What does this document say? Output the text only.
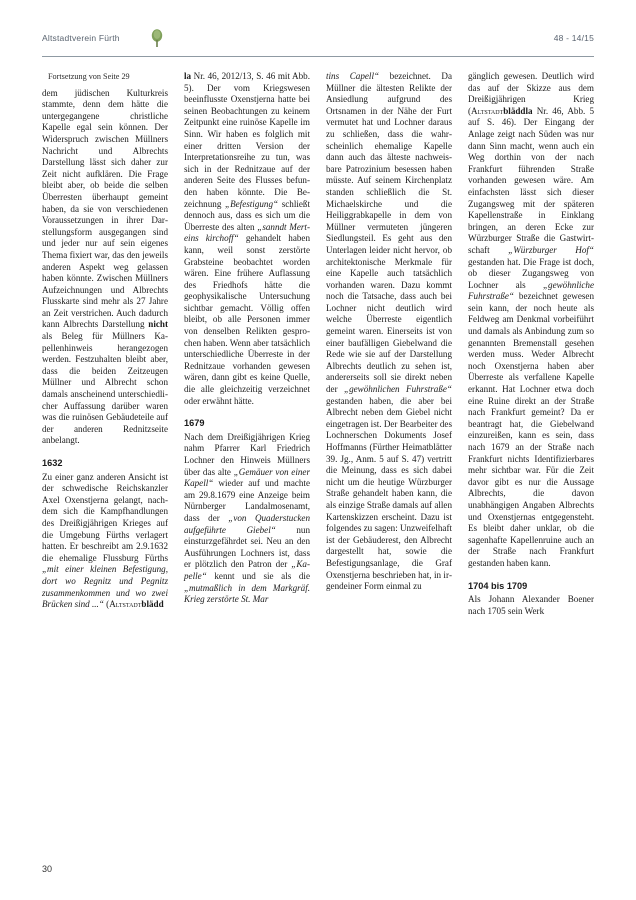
Altstadtverein Fürth	48 - 14/15
Fortsetzung von Seite 29

dem jüdischen Kulturkreis stammte, denn dem hätte die untergegangene christliche Kapelle egal sein können. Der Widerspruch zwischen Müllners Nachricht und Albrechts Darstellung lässt sich daher zur Zeit nicht aufklären. Die Frage bleibt aber, ob beide die selben Überresten überhaupt gemeint haben, da sie von verschiedenen Voraussetzungen in ihrer Darstellungsform ausgegangen sind und jeder nur auf sein eigenes Thema fixiert war, das den jeweils anderen Aspekt weg gelassen haben könnte. Zwischen Müllners Aufzeichnungen und Albrechts Flusskarte sind mehr als 27 Jahre an Zeit verstrichen. Auch dadurch kann Albrechts Darstellung nicht als Beleg für Müllners Kapellenhinweis herangezogen werden. Festzuhalten bleibt aber, dass die beiden Zeitzeugen Müllner und Albrecht schon damals anscheinend unterschiedlicher Auffassung darüber waren was die ruinösen Gebäudeteile auf der anderen Rednitzseite anbelangt.

1632

Zu einer ganz anderen Ansicht ist der schwedische Reichskanzler Axel Oxenstjerna gelangt, nachdem sich die Kampfhandlungen des Dreißigjährigen Krieges auf die Umgebung Fürths verlagert hatten. Er beschreibt am 2.9.1632 die ehemalige Flussburg Fürths „mit einer kleinen Befestigung, dort wo Regnitz und Pegnitz zusammenkommen und wo zwei Brücken sind ...“ (Altstadtblädd

la Nr. 46, 2012/13, S. 46 mit Abb. 5). Der vom Kriegswesen beeinflusste Oxenstjerna hatte bei seinen Beobachtungen zu keinem Zeitpunkt eine ruinöse Kapelle im Sinn. Wir haben es folglich mit einer dritten Version der Interpretationsreihe zu tun, was sich in der Rednitzaue auf der anderen Seite des Flusses befunden haben könnte. Die Bezeichnung „Befestigung“ schließt dennoch aus, dass es sich um die Überreste des alten „sanndt Merteins kirchoff“ gehandelt haben kann, weil sonst zerstörte Grabsteine beobachtet worden wären. Eine frühere Auflassung des Friedhofs hätte die geophysikalische Untersuchung sichtbar gemacht. Völlig offen bleibt, ob alle Personen immer von denselben Relikten gesprochen haben. Wenn aber tatsächlich unterschiedliche Überreste in der Rednitzaue vorhanden gewesen wären, dann gibt es keine Quelle, die alle gleichzeitig verzeichnet oder erwähnt hätte.

1679

Nach dem Dreißigjährigen Krieg nahm Pfarrer Karl Friedrich Lochner den Hinweis Müllners über das alte „Gemäuer von einer Kapell“ wieder auf und machte am 29.8.1679 eine Anzeige beim Nürnberger Landalmosenamt, dass der „von Quaderstucken aufgeführte Giebel“ nun einsturzgefährdet sei. Neu an den Ausführungen Lochners ist, dass er plötzlich den Patron der „Kapelle“ kennt und sie als die „mutmaßlich in dem Markgräf. Krieg zerstörte St. Mar

tins Capell“ bezeichnet. Da Müllner die ältesten Relikte der Ansiedlung aufgrund des Ortsnamen in der Nähe der Furt vermutet hat und Lochner daraus zu schließen, dass die wahrscheinlich ehemalige Kapelle dann auch das älteste nachweisbare Patrozinium besessen haben müsste. Auf seinem Kirchenplatz standen schließlich die St. Michaelskirche und die Heiliggrabkapelle in dem von Müllner vermuteten jüngeren Siedlungsteil. Es geht aus den Unterlagen leider nicht hervor, ob architektonische Merkmale für eine Kapelle auch tatsächlich vorhanden waren. Dazu kommt noch die Tatsache, dass auch bei Lochner nicht deutlich wird welche Überreste eigentlich gemeint waren. Einerseits ist von einer baufälligen Giebelwand die Rede wie sie auf der Darstellung Albrechts deutlich zu sehen ist, andererseits soll sie direkt neben der „gewöhnlichen Fuhrstraße“ gestanden haben, die aber bei Albrecht neben dem Giebel nicht eingetragen ist. Der Bearbeiter des Lochnerschen Dokuments Josef Hoffmanns (Fürther Heimatblätter 39. Jg., Anm. 5 auf S. 47) vertritt die Meinung, dass es sich dabei nicht um die heutige Würzburger Straße gehandelt haben kann, die als einzige Straße damals auf allen Kartenskizzen erscheint. Dazu ist folgendes zu sagen: Unzweifelhaft ist der Gebäuderest, den Albrecht dargestellt hat, sowie die Befestigungsanlage, die Graf Oxenstjerna beschrieben hat, in irgendeiner Form einmal zu

gänglich gewesen. Deutlich wird das auf der Skizze aus dem Dreißigjährigen Krieg (Altstadtbläddla Nr. 46, Abb. 5 auf S. 46). Der Eingang der Anlage zeigt nach Süden was nur dann Sinn macht, wenn auch ein Weg dorthin von der nach Frankfurt führenden Straße vorhanden gewesen wäre. Am einfachsten lässt sich dieser Zugangsweg mit der späteren Kapellenstraße in Einklang bringen, an deren Ecke zur Würzburger Straße die Gastwirtschaft „Würzburger Hof“ gestanden hat. Die Frage ist doch, ob dieser Zugangsweg von Lochner als „gewöhnliche Fuhrstraße“ bezeichnet gewesen sein kann, der noch heute als Feldweg am Denkmal vorbeiführt und damals als Anbindung zum so genannten Bremenstall gesehen werden muss. Weder Albrecht noch Oxenstjerna haben aber Überreste als verfallene Kapelle erkannt. Hat Lochner etwa doch eine Ruine direkt an der Straße nach Frankfurt gemeint? Da er beantragt hat, die Giebelwand einzureißen, kann es sein, dass nach 1679 an der Straße nach Frankfurt nichts Identifizierbares mehr sichtbar war. Für die Zeit davor gibt es nur die Aussage Albrechts, die davon unabhängigen Angaben Albrechts und Oxenstjernas entgegensteht. Es bleibt daher unklar, ob die sagenhafte Kapellenruine auch an der Straße nach Frankfurt gestanden haben kann.

1704 bis 1709

Als Johann Alexander Boener nach 1705 sein Werk

30
